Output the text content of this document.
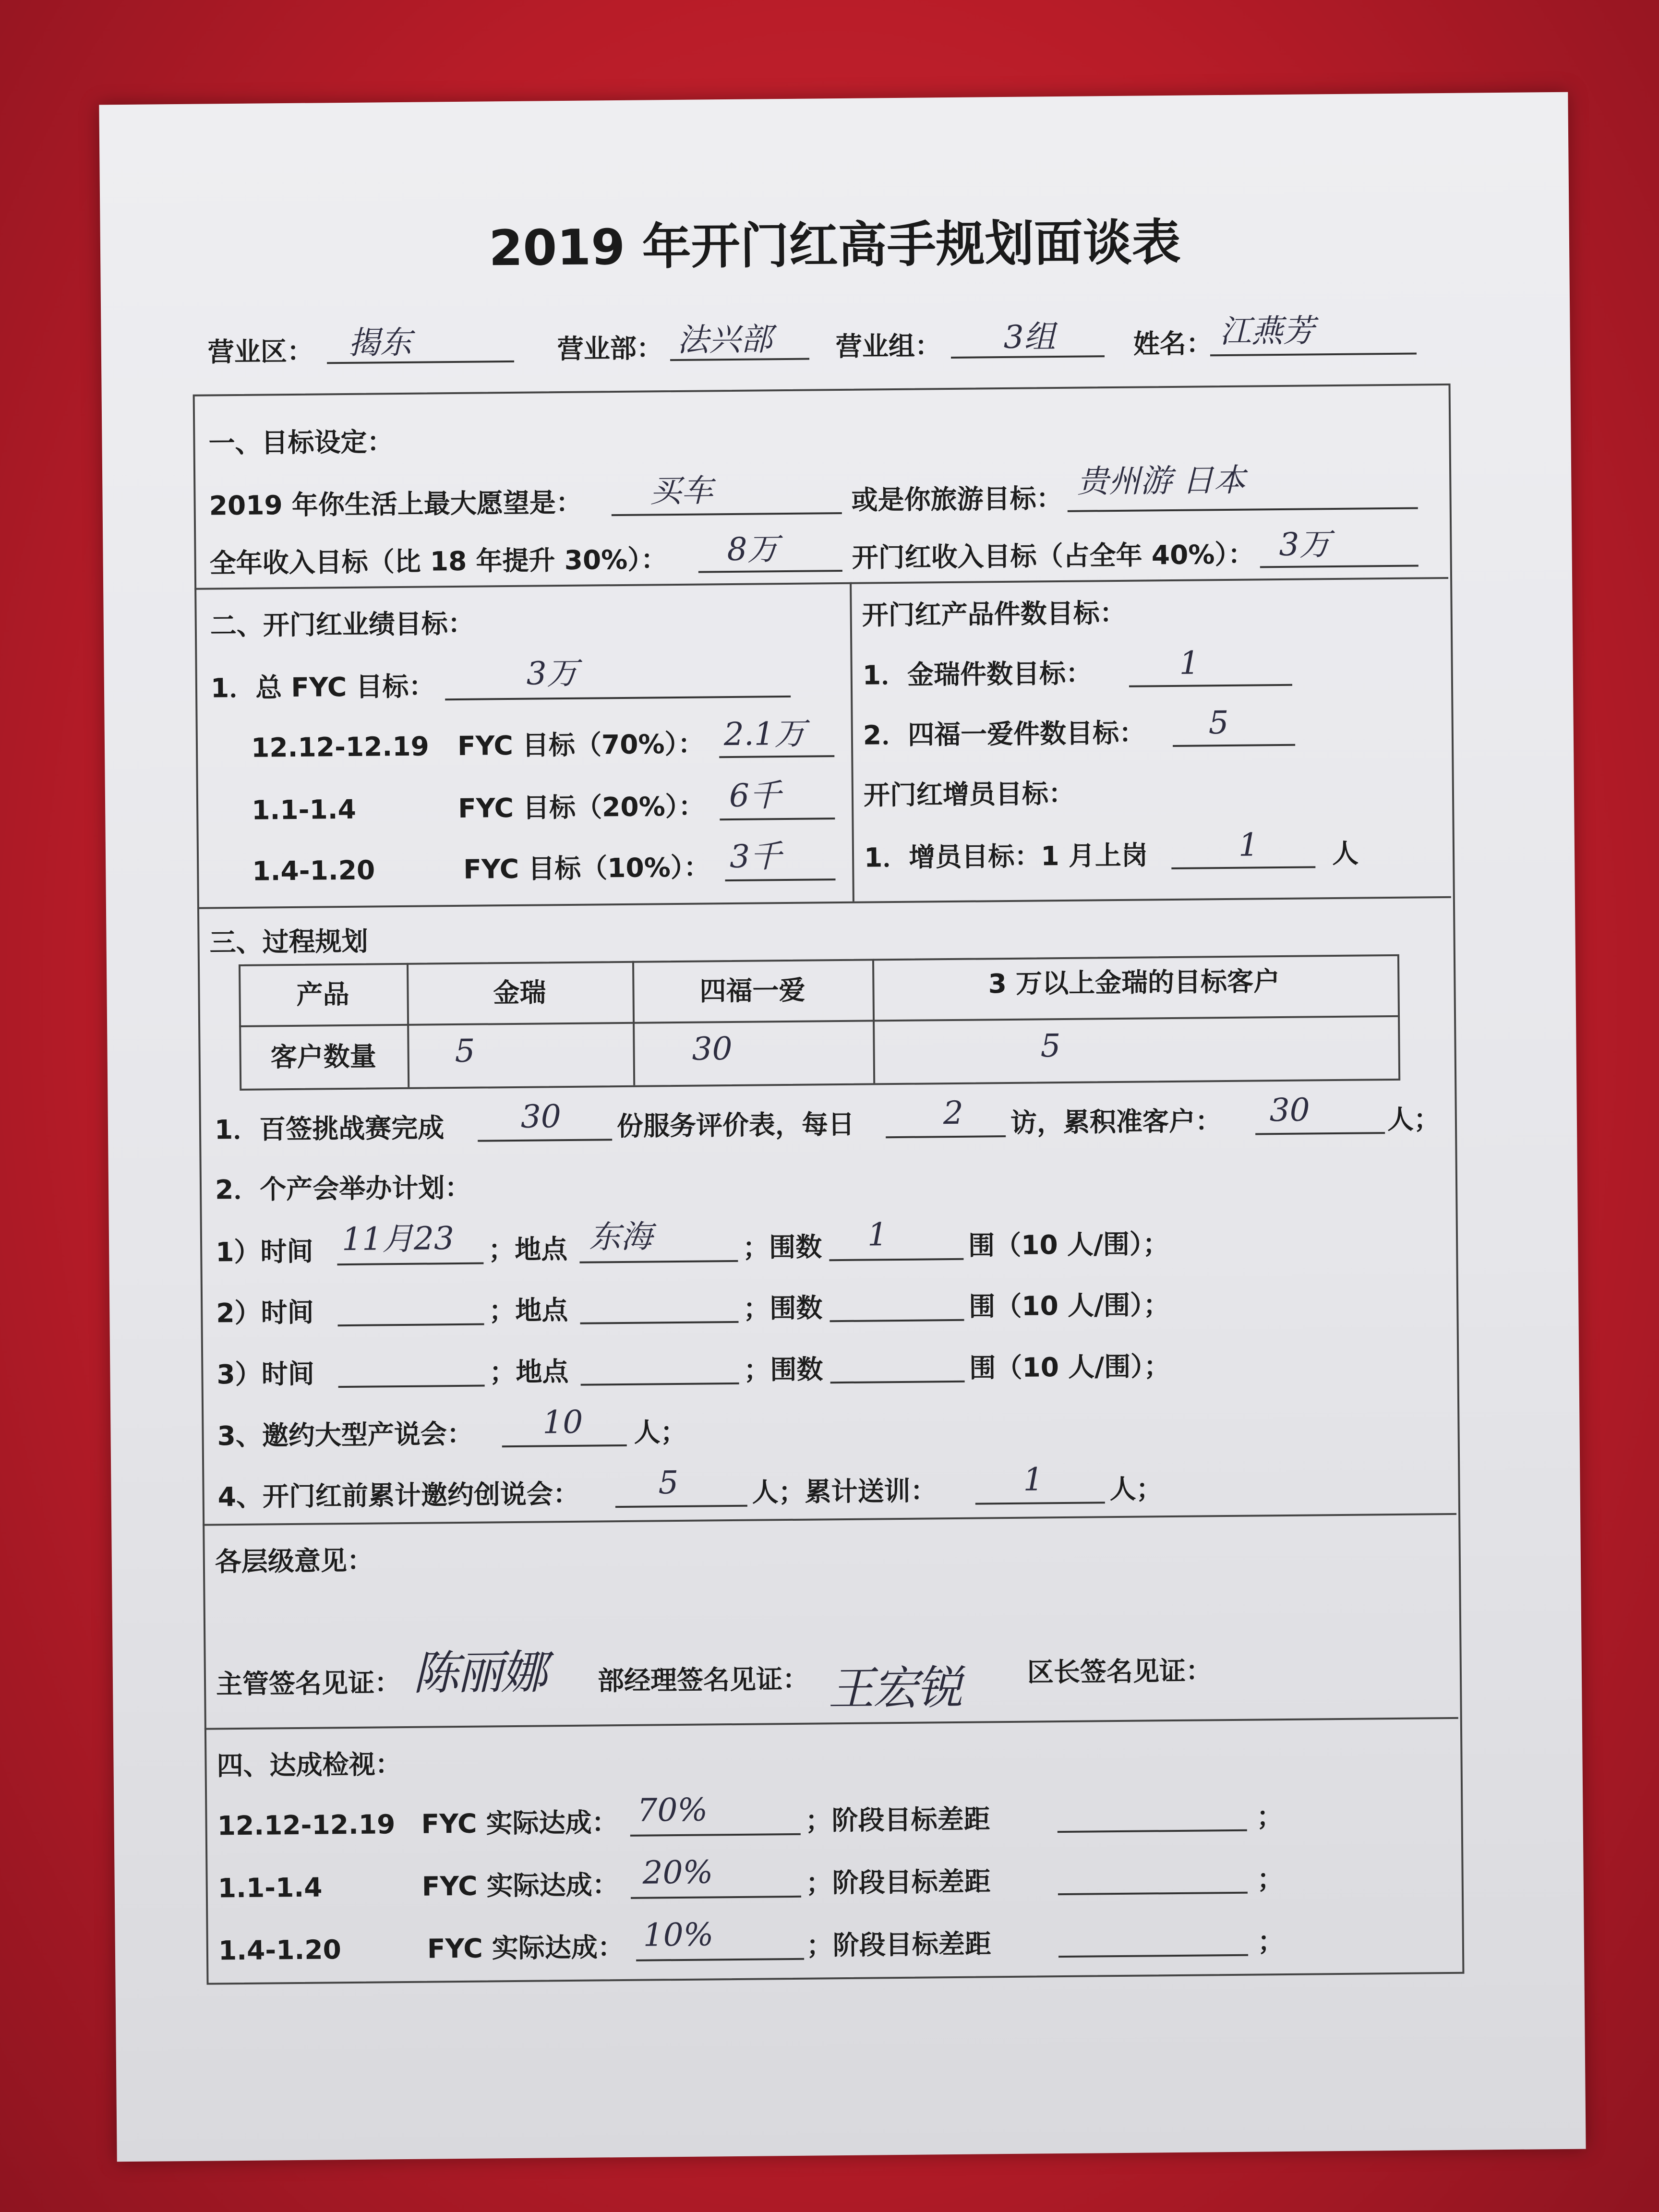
2019 年开门红高手规划面谈表
营业区： 揭东	营业部： 法兴部 营业组： 3组	姓名： 江燕芳
一、目标设定：
2019 年你生活上最大愿望是： 买车	或是你旅游目标： 贵州游 日本
全年收入目标（比 18 年提升 30%）： 8万	开门红收入目标（占全年 40%）： 3万
二、开门红业绩目标：
1．总 FYC 目标：	3万
12.12-12.19 FYC 目标（70%）： 2.1万
1.1-1.4	FYC 目标（20%）： 6千
1.4-1.20	FYC 目标（10%）： 3千
开门红产品件数目标：
1．金瑞件数目标：	1
2．四福一爱件数目标： 5
开门红增员目标：
1．增员目标：1 月上岗	1	人
三、过程规划
产品	金瑞	四福一爱	3 万以上金瑞的目标客户
客户数量	5	30	5
1．百签挑战赛完成 30 份服务评价表，每日	2 访，累积准客户： 30	人；
2．个产会举办计划：
1）时间 11月23 ；地点 东海	；围数 1	围（10 人/围）；
2）时间	；地点	；围数	围（10 人/围）；
3）时间	；地点	；围数	围（10 人/围）；
3、邀约大型产说会： 10 人；
4、开门红前累计邀约创说会： 5	人；累计送训：	1	人；
各层级意见：
主管签名见证： 陈丽娜 部经理签名见证： 王宏锐	区长签名见证：
四、达成检视：
12.12-12.19 FYC 实际达成： 70%	；阶段目标差距	；
1.1-1.4	FYC 实际达成： 20%	；阶段目标差距	；
1.4-1.20	FYC 实际达成： 10%	；阶段目标差距	；
